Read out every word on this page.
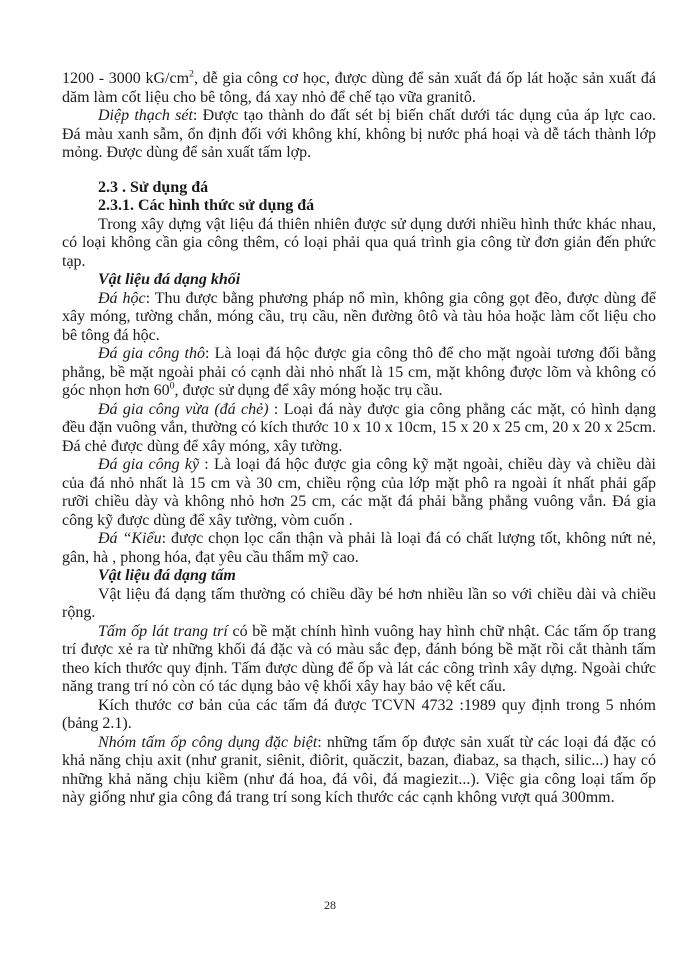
1200 - 3000 $kG/cm^2$, dễ gia công cơ học, được dùng để sản xuất đá ốp lát hoặc sản xuất đá dăm làm cốt liệu cho bê tông, đá xay nhỏ để chế tạo vữa granitô.

Diệp thạch sét: Được tạo thành do đất sét bị biến chất dưới tác dụng của áp lực cao. Đá màu xanh sẫm, ổn định đối với không khí, không bị nước phá hoại và dễ tách thành lớp mỏng. Được dùng để sản xuất tấm lợp.

2.3 . Sử dụng đá

2.3.1. Các hình thức sử dụng đá

Trong xây dựng vật liệu đá thiên nhiên được sử dụng dưới nhiều hình thức khác nhau, có loại không cần gia công thêm, có loại phải qua quá trình gia công từ đơn giản đến phức tạp.

Vật liệu đá dạng khối

Đá hộc: Thu được bằng phương pháp nổ mìn, không gia công gọt đẽo, được dùng để xây móng, tường chắn, móng cầu, trụ cầu, nền đường ôtô và tàu hỏa hoặc làm cốt liệu cho bê tông đá hộc.

Đá gia công thô: Là loại đá hộc được gia công thô để cho mặt ngoài tương đối bằng phẳng, bề mặt ngoài phải có cạnh dài nhỏ nhất là 15 cm, mặt không được lõm và không có góc nhọn hơn $60^0$, được sử dụng để xây móng hoặc trụ cầu.

Đá gia công vừa (đá chẻ) : Loại đá này được gia công phẳng các mặt, có hình dạng đều đặn vuông vắn, thường có kích thước 10 x 10 x 10cm, 15 x 20 x 25 cm, 20 x 20 x 25cm. Đá chẻ được dùng để xây móng, xây tường.

Đá gia công kỹ : Là loại đá hộc được gia công kỹ mặt ngoài, chiều dày và chiều dài của đá nhỏ nhất là 15 cm và 30 cm, chiều rộng của lớp mặt phô ra ngoài ít nhất phải gấp rưỡi chiều dày và không nhỏ hơn 25 cm, các mặt đá phải bằng phẳng vuông vắn. Đá gia công kỹ được dùng để xây tường, vòm cuốn .

Đá “Kiểu: được chọn lọc cẩn thận và phải là loại đá có chất lượng tốt, không nứt nẻ, gân, hà , phong hóa, đạt yêu cầu thẩm mỹ cao.

Vật liệu đá dạng tấm

Vật liệu đá dạng tấm thường có chiều dầy bé hơn nhiều lần so với chiều dài và chiều rộng.

Tấm ốp lát trang trí có bề mặt chính hình vuông hay hình chữ nhật. Các tấm ốp trang trí được xẻ ra từ những khối đá đặc và có màu sắc đẹp, đánh bóng bề mặt rồi cắt thành tấm theo kích thước quy định. Tấm được dùng để ốp và lát các công trình xây dựng. Ngoài chức năng trang trí nó còn có tác dụng bảo vệ khối xây hay bảo vệ kết cấu.

Kích thước cơ bản của các tấm đá được TCVN 4732 :1989 quy định trong 5 nhóm (bảng 2.1).

Nhóm tấm ốp công dụng đặc biệt: những tấm ốp được sản xuất từ các loại đá đặc có khả năng chịu axit (như granit, siênit, điôrit, quăczit, bazan, điabaz, sa thạch, silic...) hay có những khả năng chịu kiềm (như đá hoa, đá vôi, đá magiezit...). Việc gia công loại tấm ốp này giống như gia công đá trang trí song kích thước các cạnh không vượt quá 300mm.

28
